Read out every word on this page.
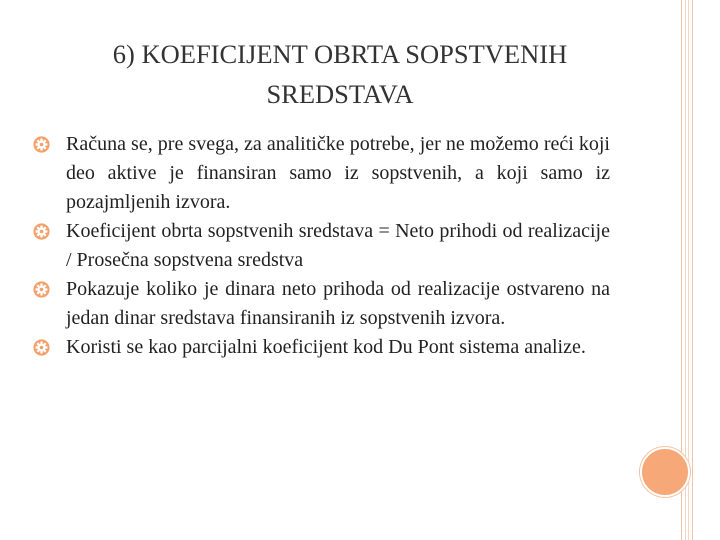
6) KOEFICIJENT OBRTA SOPSTVENIH
SREDSTAVA
Računa se, pre svega, za analitičke potrebe, jer ne možemo reći koji deo aktive je finansiran samo iz sopstvenih, a koji samo iz pozajmljenih izvora.
Koeficijent obrta sopstvenih sredstava = Neto prihodi od realizacije / Prosečna sopstvena sredstva
Pokazuje koliko je dinara neto prihoda od realizacije ostvareno na jedan dinar sredstava finansiranih iz sopstvenih izvora.
Koristi se kao parcijalni koeficijent kod Du Pont sistema analize.
